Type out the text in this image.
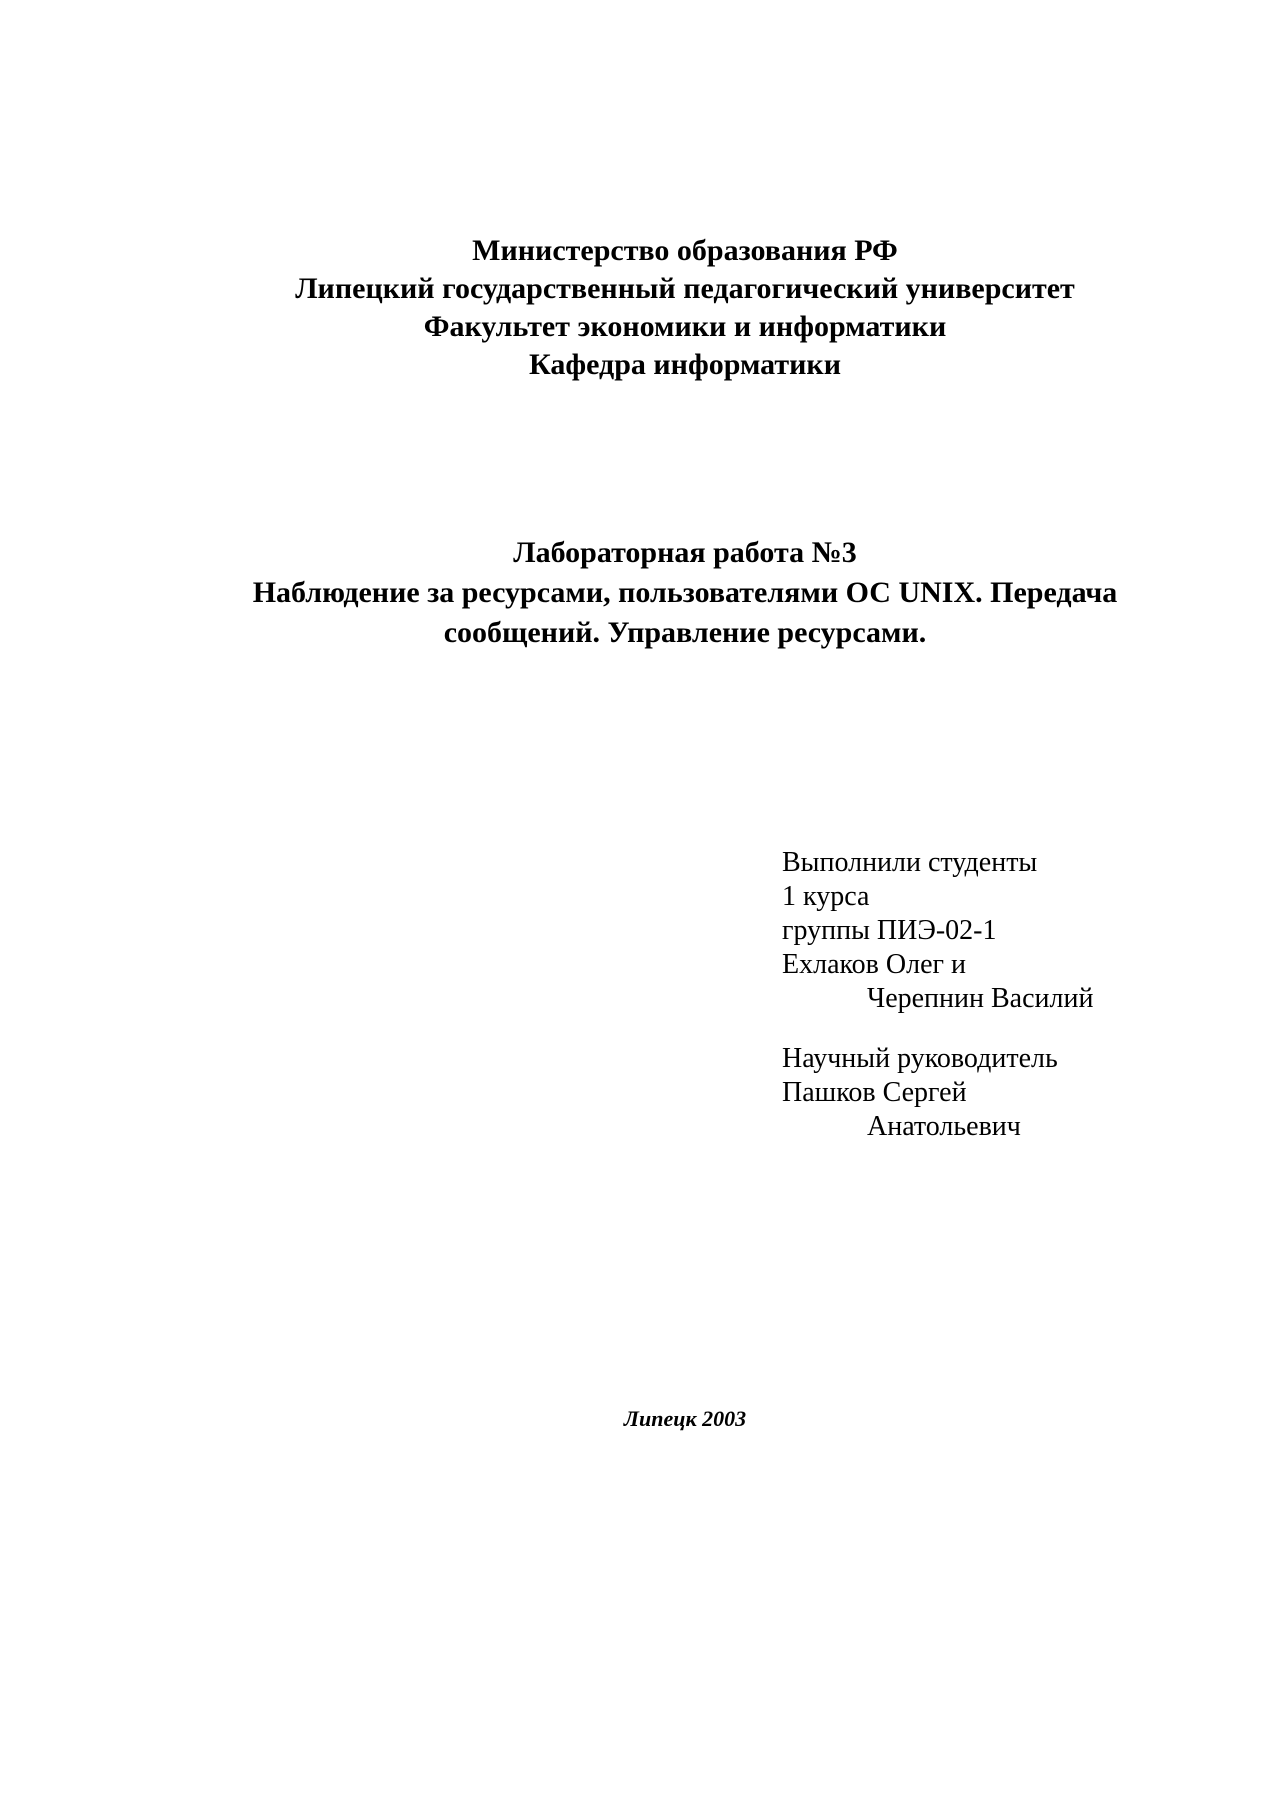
Министерство образования РФ
Липецкий государственный педагогический университет
Факультет экономики и информатики
Кафедра информатики
Лабораторная работа №3
Наблюдение за ресурсами, пользователями ОС UNIX. Передача
сообщений. Управление ресурсами.
Выполнили студенты
1 курса
группы ПИЭ-02-1
Ехлаков Олег и
Черепнин Василий
Научный руководитель
Пашков Сергей
Анатольевич
Липецк 2003
